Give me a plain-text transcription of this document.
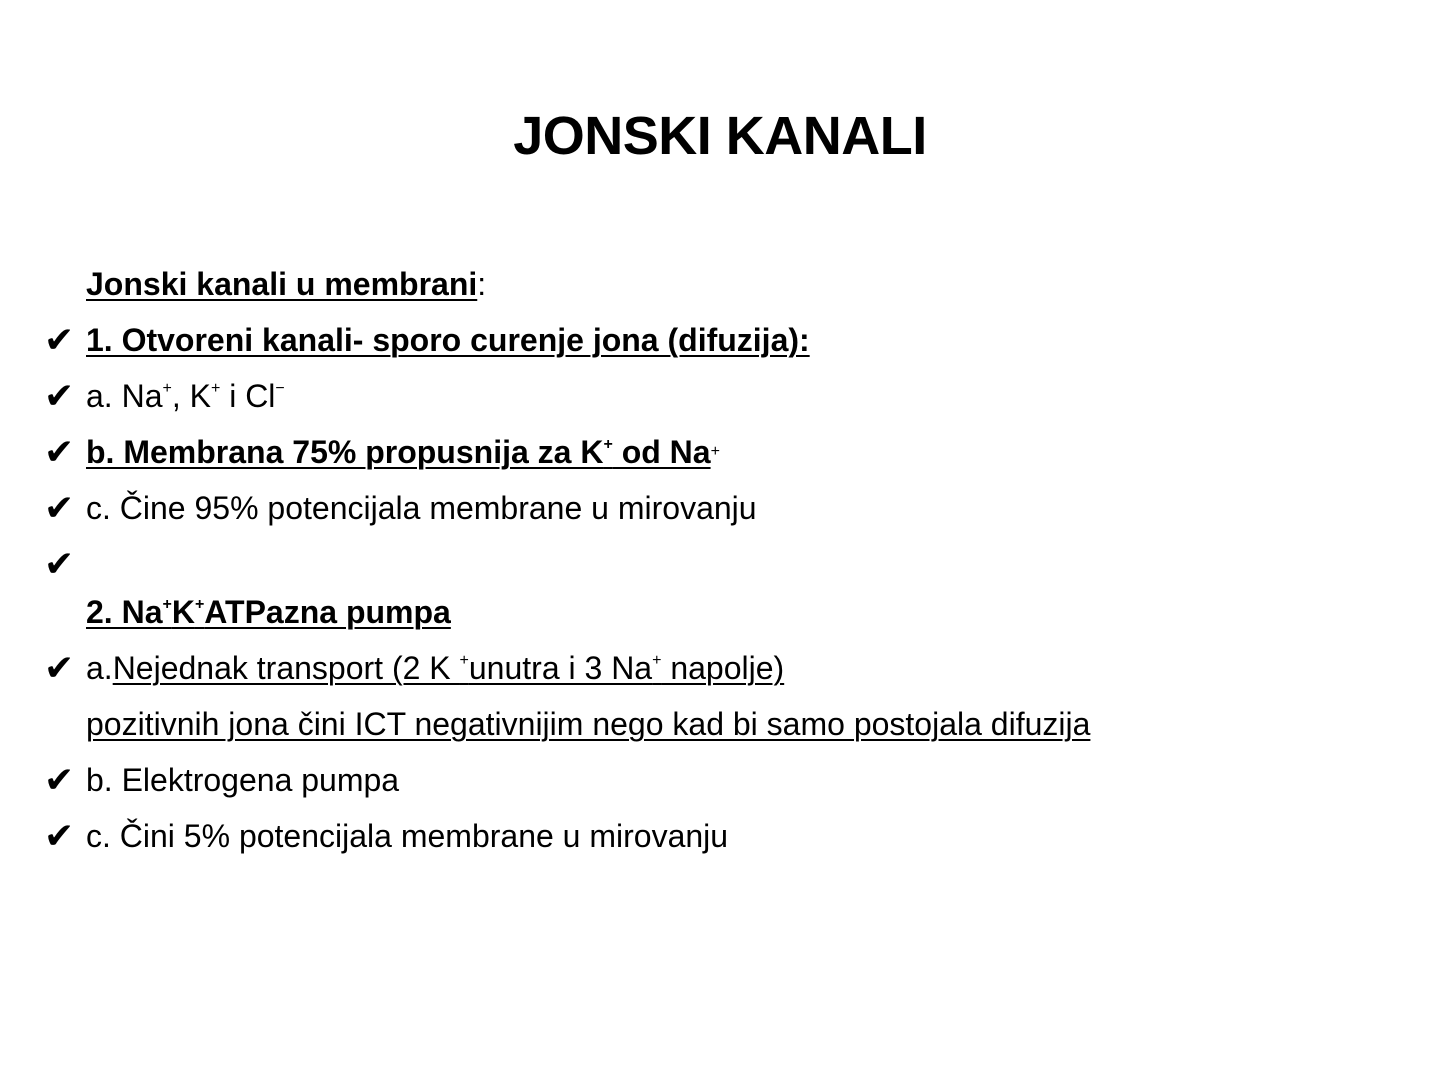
JONSKI KANALI
Jonski kanali u membrani :
✔ 1. Otvoreni kanali- sporo curenje jona (difuzija):
✔ a. Na+, K+ i Cl−
✔ b. Membrana 75% propusnija za K+ od Na +
✔ c. Čine 95% potencijala membrane u mirovanju
✔
2. Na+K+ATPazna pumpa
✔ a. Nejednak transport (2 K +unutra i 3 Na+ napolje)
pozitivnih jona čini ICT negativnijim nego kad bi samo postojala difuzija
✔ b. Elektrogena pumpa
✔ c. Čini 5% potencijala membrane u mirovanju
